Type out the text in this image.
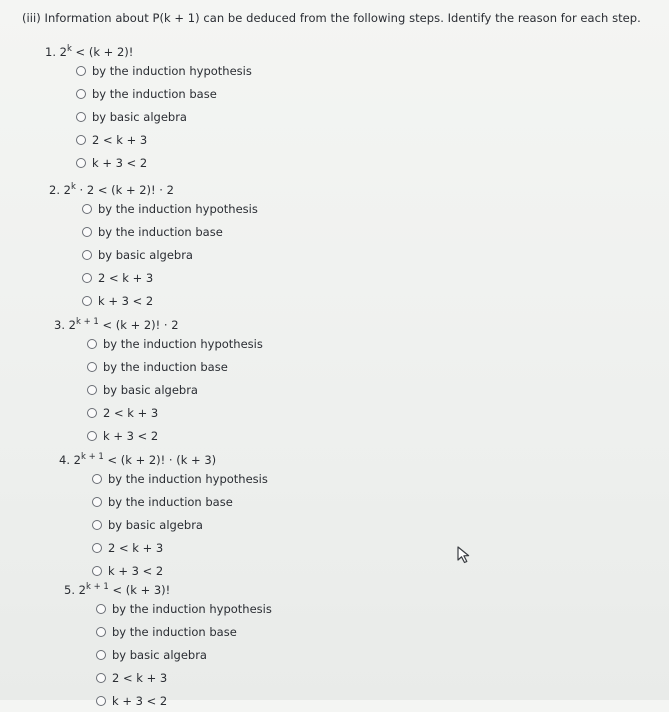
(iii) Information about P(k + 1) can be deduced from the following steps. Identify the reason for each step.
1. $2^k < (k + 2)$!
by the induction hypothesis
by the induction base
by basic algebra
2 < k + 3
k + 3 < 2
2. $2^k \cdot 2 < (k + 2)$! · 2
by the induction hypothesis
by the induction base
by basic algebra
2 < k + 3
k + 3 < 2
3. $2^{k + 1} < (k + 2)$! · 2
by the induction hypothesis
by the induction base
by basic algebra
2 < k + 3
k + 3 < 2
4. $2^{k + 1} < (k + 2)$! · (k + 3)
by the induction hypothesis
by the induction base
by basic algebra
2 < k + 3
k + 3 < 2
5. $2^{k + 1} < (k + 3)$!
by the induction hypothesis
by the induction base
by basic algebra
2 < k + 3
k + 3 < 2
